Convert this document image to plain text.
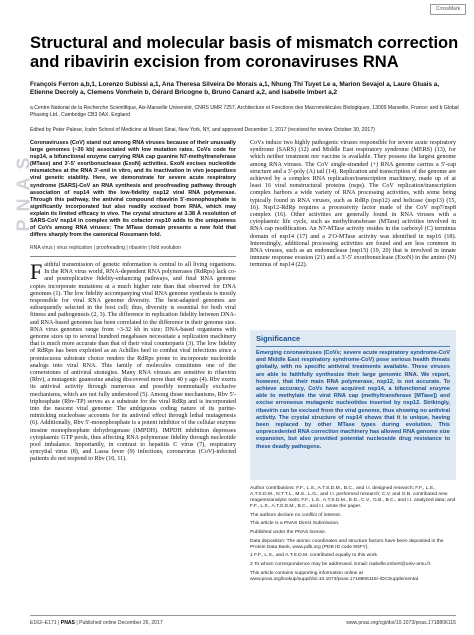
CrossMark
PNAS
Structural and molecular basis of mismatch correction and ribavirin excision from coronaviruses RNA
François Ferron a,b,1, Lorenzo Subissi a,1, Ana Theresa Silveira De Morais a,1, Nhung Thi Tuyet Le a, Marion Sevajol a, Laure Gluais a, Etienne Decroly a, Clemens Vonrhein b, Gérard Bricogne b, Bruno Canard a,2, and Isabelle Imbert a,2
a Centre National de la Recherche Scientifique, Aix-Marseille Université, CNRS UMR 7257, Architecture et Fonctions des Macromolécules Biologiques, 13009 Marseille, France; and b Global Phasing Ltd., Cambridge CB3 0AX, England
Edited by Peter Palese, Icahn School of Medicine at Mount Sinai, New York, NY, and approved December 1, 2017 (received for review October 30, 2017)
Coronaviruses (CoV) stand out among RNA viruses because of their unusually large genomes (~30 kb) associated with low mutation rates. CoVs code for nsp14, a bifunctional enzyme carrying RNA cap guanine N7-methyltransferase (MTase) and 3′-5′ exoribonuclease (ExoN) activities. ExoN excises nucleotide mismatches at the RNA 3′-end in vitro, and its inactivation in vivo jeopardizes viral genetic stability. Here, we demonstrate for severe acute respiratory syndrome (SARS)-CoV an RNA synthesis and proofreading pathway through association of nsp14 with the low-fidelity nsp12 viral RNA polymerase. Through this pathway, the antiviral compound ribavirin 5′-monophosphate is significantly incorporated but also readily excised from RNA, which may explain its limited efficacy in vivo. The crystal structure at 3.38 Å resolution of SARS-CoV nsp14 in complex with its cofactor nsp10 adds to the uniqueness of CoVs among RNA viruses: The MTase domain presents a new fold that differs sharply from the canonical Rossmann fold.
RNA virus | virus replication | proofreading | ribavirin | fold evolution
Faithful transmission of genetic information is central to all living organisms. In the RNA virus world, RNA-dependent RNA polymerases (RdRps) lack co- and postreplicative fidelity-enhancing pathways, and final RNA genome copies incorporate mutations at a much higher rate than that observed for DNA genomes (1). The low fidelity accompanying viral RNA genome synthesis is mostly responsible for viral RNA genome diversity. The best-adapted genomes are subsequently selected in the host cell; thus, diversity is essential for both viral fitness and pathogenesis (2, 3). The difference in replication fidelity between DNA- and RNA-based genomes has been correlated to the difference in their genome size. RNA virus genomes range from ~3-32 kb in size; DNA-based organisms with genome sizes up to several hundred megabases necessitate a replication machinery that is much more accurate than that of their viral counterparts (3). The low fidelity of RdRps has been exploited as an Achilles heel to combat viral infections since a promiscuous substrate choice renders the RdRps prone to incorporate nucleotide analogs into viral RNA. This family of molecules constitutes one of the cornerstones of antiviral strategies. Many RNA viruses are sensitive to ribavirin (Rbv), a mutagenic guanosine analog discovered more than 40 y ago (4). Rbv exerts its antiviral activity through numerous and possibly nonmutually exclusive mechanisms, which are not fully understood (5). Among those mechanisms, Rbv 5′-triphosphate (Rbv-TP) serves as a substrate for the viral RdRp and is incorporated into the nascent viral genome: The ambiguous coding nature of its purine-mimicking nucleobase accounts for its antiviral effect through lethal mutagenesis (6). Additionally, Rbv 5′-monophosphate is a potent inhibitor of the cellular enzyme inosine monophosphate dehydrogenase (IMPDH). IMPDH inhibition depresses cytoplasmic GTP pools, thus affecting RNA polymerase fidelity through nucleotide pool imbalance. Importantly, in contrast to hepatitis C virus (7), respiratory syncytial virus (8), and Lassa fever (9) infections, coronavirus (CoV)-infected patients do not respond to Rbv (10, 11).
CoVs induce two highly pathogenic viruses responsible for severe acute respiratory syndrome (SARS) (12) and Middle East respiratory syndrome (MERS) (13), for which neither treatment nor vaccine is available. They possess the largest genome among RNA viruses. The CoV single-stranded (+) RNA genome carries a 5′-cap structure and a 3′-poly (A) tail (14). Replication and transcription of the genome are achieved by a complex RNA replication/transcription machinery, made up of at least 16 viral nonstructural proteins (nsps). The CoV replication/transcription complex harbors a wide variety of RNA processing activities, with some being typically found in RNA viruses, such as RdRp (nsp12) and helicase (nsp13) (15, 16). Nsp12-RdRp requires a processivity factor made of the CoV nsp7/nsp8 complex (16). Other activities are generally found in RNA viruses with a cytoplasmic life cycle, such as methyltransferase (MTase) activities involved in RNA cap modification. An N7-MTase activity resides in the carboxyl (C) terminus domain of nsp14 (17) and a 2′O-MTase activity was identified in nsp16 (18). Interestingly, additional processing activities are found and are less common in RNA viruses, such as an endonuclease (nsp15) (19, 20) that is involved in innate immune response evasion (21) and a 3′-5′ exoribonuclease (ExoN) in the amino (N) terminus of nsp14 (22).
Significance
Emerging coronaviruses (CoVs; severe acute respiratory syndrome-CoV and Middle East respiratory syndrome-CoV) pose serious health threats globally, with no specific antiviral treatments available. These viruses are able to faithfully synthesize their large genomic RNA. We report, however, that their main RNA polymerase, nsp12, is not accurate. To achieve accuracy, CoVs have acquired nsp14, a bifunctional enzyme able to methylate the viral RNA cap (methyltransferase [MTase]) and excise erroneous mutagenic nucleotides inserted by nsp12. Strikingly, ribavirin can be excised from the viral genome, thus showing no antiviral activity. The crystal structure of nsp14 shows that it is unique, having been replaced by other MTase types during evolution. This unprecedented RNA correction machinery has allowed RNA genome size expansion, but also provided potential nucleoside drug resistance to these deadly pathogens.

Author contributions: F.F., L.S., A.T.S.D.M., B.C., and I.I. designed research; F.F., L.S., A.T.S.D.M., N.T.T.L., M.S., L.G., and I.I. performed research; C.V. and G.B. contributed new reagents/analytic tools; F.F., L.S., A.T.S.D.M., E.D., C.V., G.B., B.C., and I.I. analyzed data; and F.F., L.S., A.T.S.D.M., B.C., and I.I. wrote the paper.

The authors declare no conflict of interest.

This article is a PNAS Direct Submission.

Published under the PNAS license.

Data deposition: The atomic coordinates and structure factors have been deposited in the Protein Data Bank, www.pdb.org (PDB ID code 5NFY).

1 F.F., L.S., and A.T.S.D.M. contributed equally to this work.

2 To whom correspondence may be addressed. Email: isabelle.imbert@univ-amu.fr.

This article contains supporting information online at www.pnas.org/lookup/suppl/doi:10.1073/pnas.1718806115/-/DCSupplemental.

E162–E171 | PNAS | Published online December 26, 2017	www.pnas.org/cgi/doi/10.1073/pnas.1718806115
